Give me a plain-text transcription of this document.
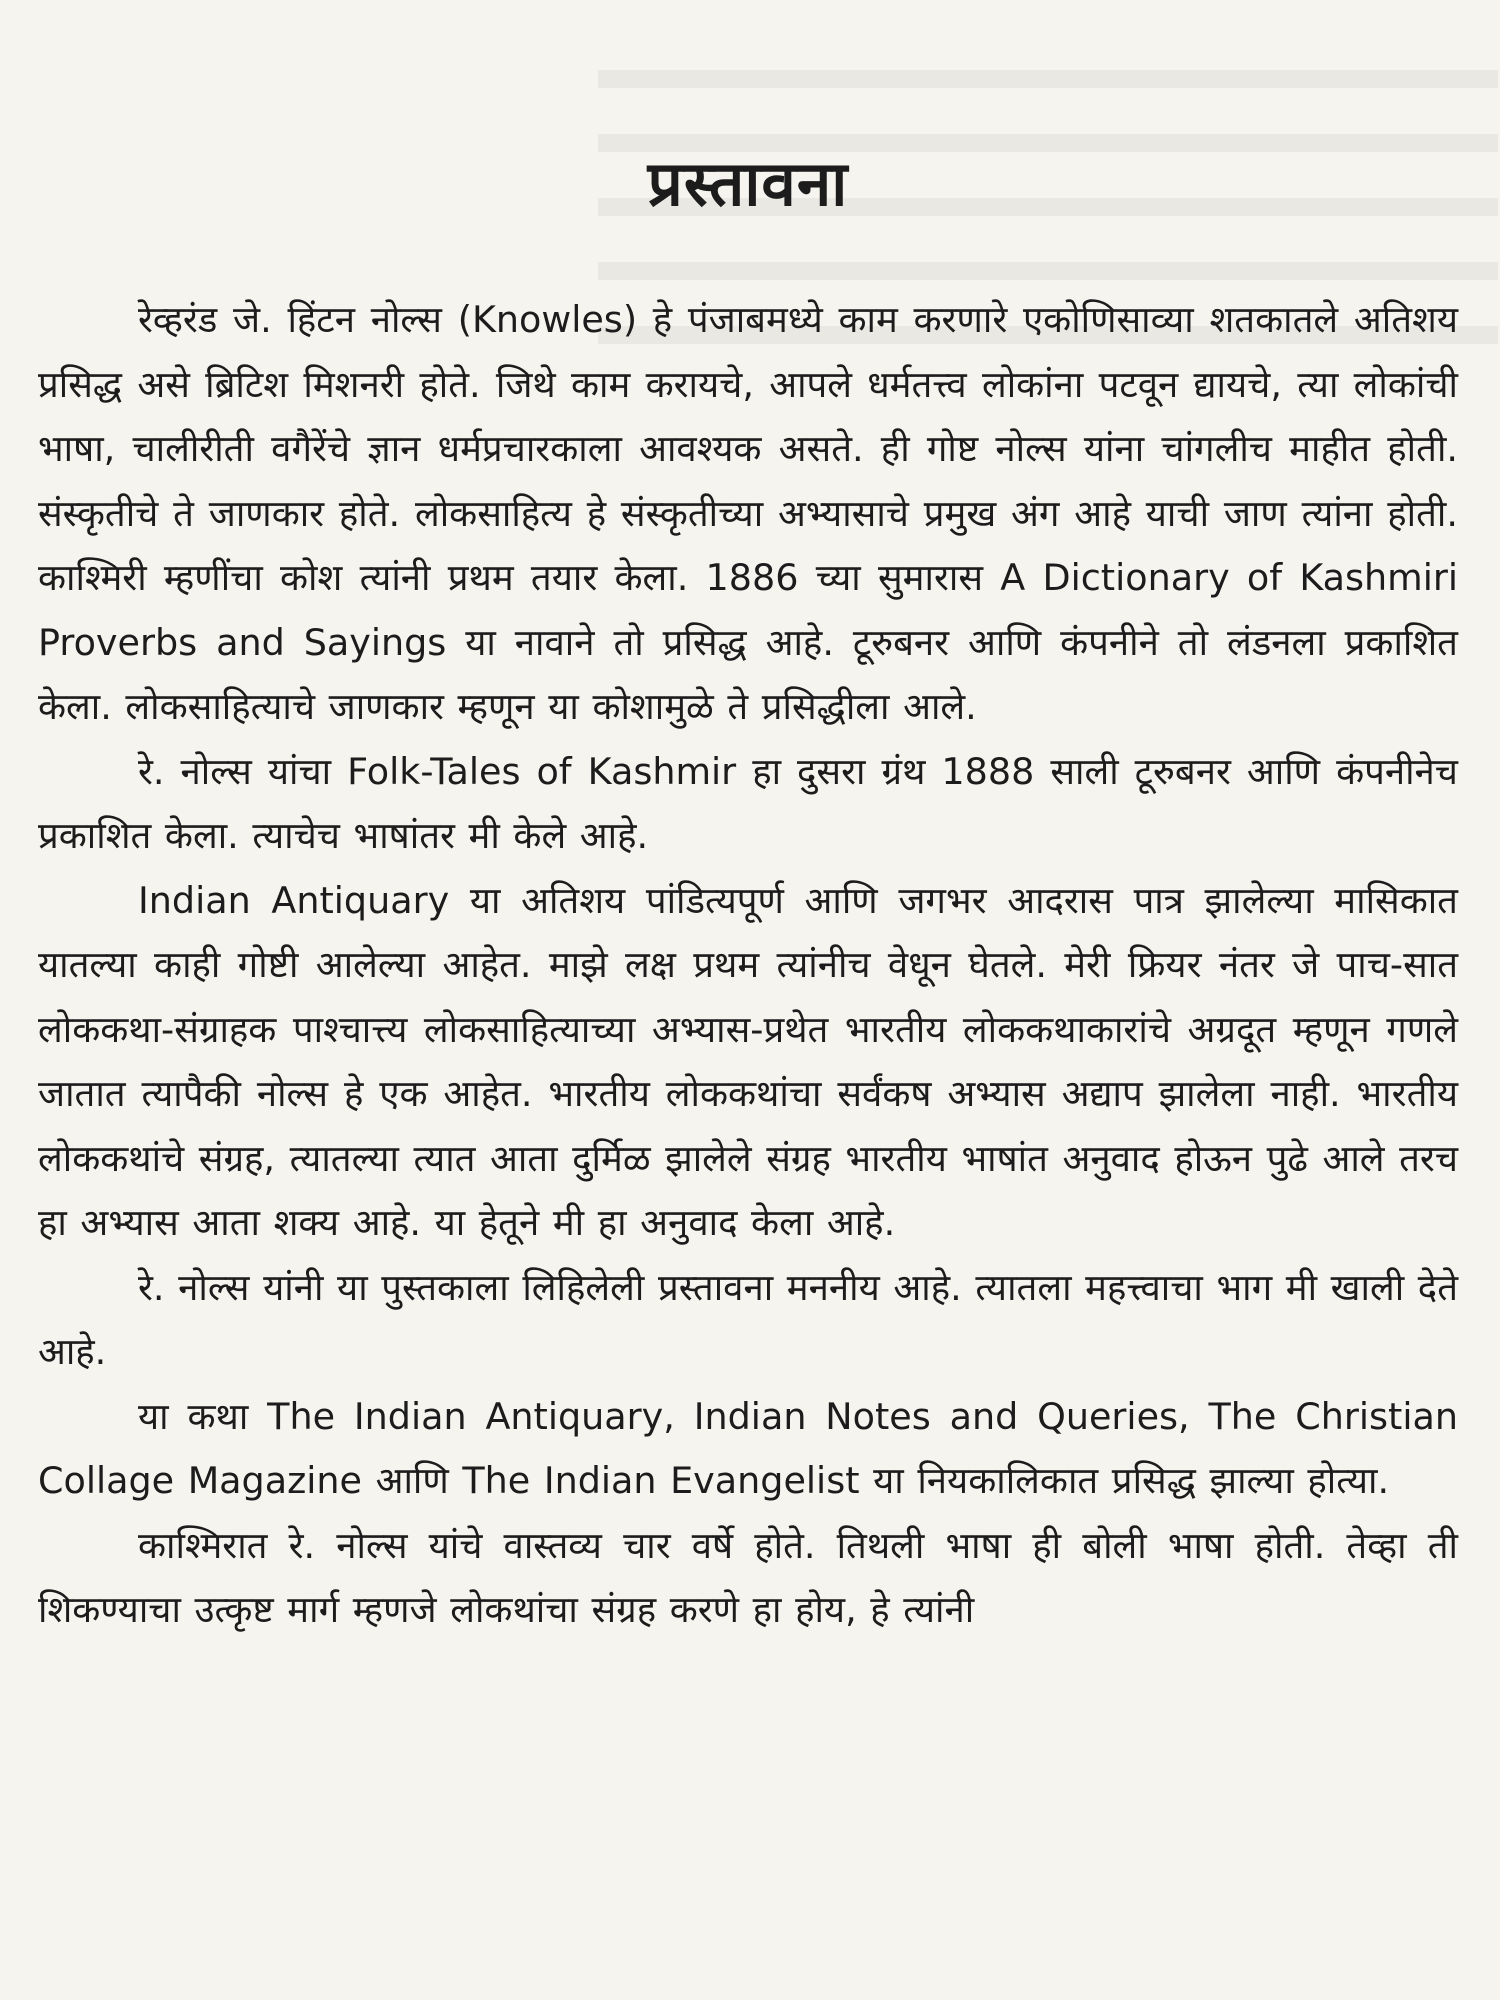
प्रस्तावना

रेव्हरंड जे. हिंटन नोल्स (Knowles) हे पंजाबमध्ये काम करणारे एकोणिसाव्या शतकातले अतिशय प्रसिद्ध असे ब्रिटिश मिशनरी होते. जिथे काम करायचे, आपले धर्मतत्त्व लोकांना पटवून द्यायचे, त्या लोकांची भाषा, चालीरीती वगैरेंचे ज्ञान धर्मप्रचारकाला आवश्यक असते. ही गोष्ट नोल्स यांना चांगलीच माहीत होती. संस्कृतीचे ते जाणकार होते. लोकसाहित्य हे संस्कृतीच्या अभ्यासाचे प्रमुख अंग आहे याची जाण त्यांना होती. काश्मिरी म्हणींचा कोश त्यांनी प्रथम तयार केला. 1886 च्या सुमारास A Dictionary of Kashmiri Proverbs and Sayings या नावाने तो प्रसिद्ध आहे. टूरुबनर आणि कंपनीने तो लंडनला प्रकाशित केला. लोकसाहित्याचे जाणकार म्हणून या कोशामुळे ते प्रसिद्धीला आले.

रे. नोल्स यांचा Folk-Tales of Kashmir हा दुसरा ग्रंथ 1888 साली टूरुबनर आणि कंपनीनेच प्रकाशित केला. त्याचेच भाषांतर मी केले आहे.

Indian Antiquary या अतिशय पांडित्यपूर्ण आणि जगभर आदरास पात्र झालेल्या मासिकात यातल्या काही गोष्टी आलेल्या आहेत. माझे लक्ष प्रथम त्यांनीच वेधून घेतले. मेरी फ्रियर नंतर जे पाच-सात लोककथा-संग्राहक पाश्चात्त्य लोकसाहित्याच्या अभ्यास-प्रथेत भारतीय लोककथाकारांचे अग्रदूत म्हणून गणले जातात त्यापैकी नोल्स हे एक आहेत. भारतीय लोककथांचा सर्वंकष अभ्यास अद्याप झालेला नाही. भारतीय लोककथांचे संग्रह, त्यातल्या त्यात आता दुर्मिळ झालेले संग्रह भारतीय भाषांत अनुवाद होऊन पुढे आले तरच हा अभ्यास आता शक्य आहे. या हेतूने मी हा अनुवाद केला आहे.

रे. नोल्स यांनी या पुस्तकाला लिहिलेली प्रस्तावना मननीय आहे. त्यातला महत्त्वाचा भाग मी खाली देते आहे.

या कथा The Indian Antiquary, Indian Notes and Queries, The Christian Collage Magazine आणि The Indian Evangelist या नियकालिकात प्रसिद्ध झाल्या होत्या.

काश्मिरात रे. नोल्स यांचे वास्तव्य चार वर्षे होते. तिथली भाषा ही बोली भाषा होती. तेव्हा ती शिकण्याचा उत्कृष्ट मार्ग म्हणजे लोकथांचा संग्रह करणे हा होय, हे त्यांनी
